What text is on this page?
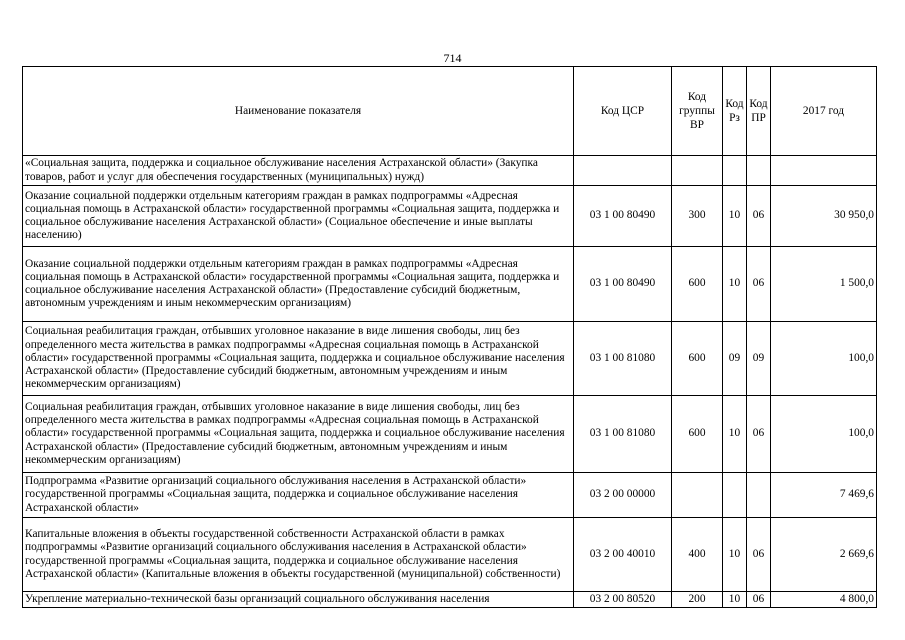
714
Наименование показателя	Код ЦСР	Код группы ВР	Код Рз	Код ПР	2017 год
«Социальная защита, поддержка и социальное обслуживание населения Астраханской области» (Закупка товаров, работ и услуг для обеспечения государственных (муниципальных) нужд)					
Оказание социальной поддержки отдельным категориям граждан в рамках подпрограммы «Адресная социальная помощь в Астраханской области» государственной программы «Социальная защита, поддержка и социальное обслуживание населения Астраханской области» (Социальное обеспечение и иные выплаты населению)	03 1 00 80490	300	10	06	30 950,0
Оказание социальной поддержки отдельным категориям граждан в рамках подпрограммы «Адресная социальная помощь в Астраханской области» государственной программы «Социальная защита, поддержка и социальное обслуживание населения Астраханской области» (Предоставление субсидий бюджетным, автономным учреждениям и иным некоммерческим организациям)	03 1 00 80490	600	10	06	1 500,0
Социальная реабилитация граждан, отбывших уголовное наказание в виде лишения свободы, лиц без определенного места жительства в рамках подпрограммы «Адресная социальная помощь в Астраханской области» государственной программы «Социальная защита, поддержка и социальное обслуживание населения Астраханской области» (Предоставление субсидий бюджетным, автономным учреждениям и иным некоммерческим организациям)	03 1 00 81080	600	09	09	100,0
Социальная реабилитация граждан, отбывших уголовное наказание в виде лишения свободы, лиц без определенного места жительства в рамках подпрограммы «Адресная социальная помощь в Астраханской области» государственной программы «Социальная защита, поддержка и социальное обслуживание населения Астраханской области» (Предоставление субсидий бюджетным, автономным учреждениям и иным некоммерческим организациям)	03 1 00 81080	600	10	06	100,0
Подпрограмма «Развитие организаций социального обслуживания населения в Астраханской области» государственной программы «Социальная защита, поддержка и социальное обслуживание населения Астраханской области»	03 2 00 00000				7 469,6
Капитальные вложения в объекты государственной собственности Астраханской области в рамках подпрограммы «Развитие организаций социального обслуживания населения в Астраханской области» государственной программы «Социальная защита, поддержка и социальное обслуживание населения Астраханской области» (Капитальные вложения в объекты государственной (муниципальной) собственности)	03 2 00 40010	400	10	06	2 669,6
Укрепление материально-технической базы организаций социального обслуживания населения	03 2 00 80520	200	10	06	4 800,0
